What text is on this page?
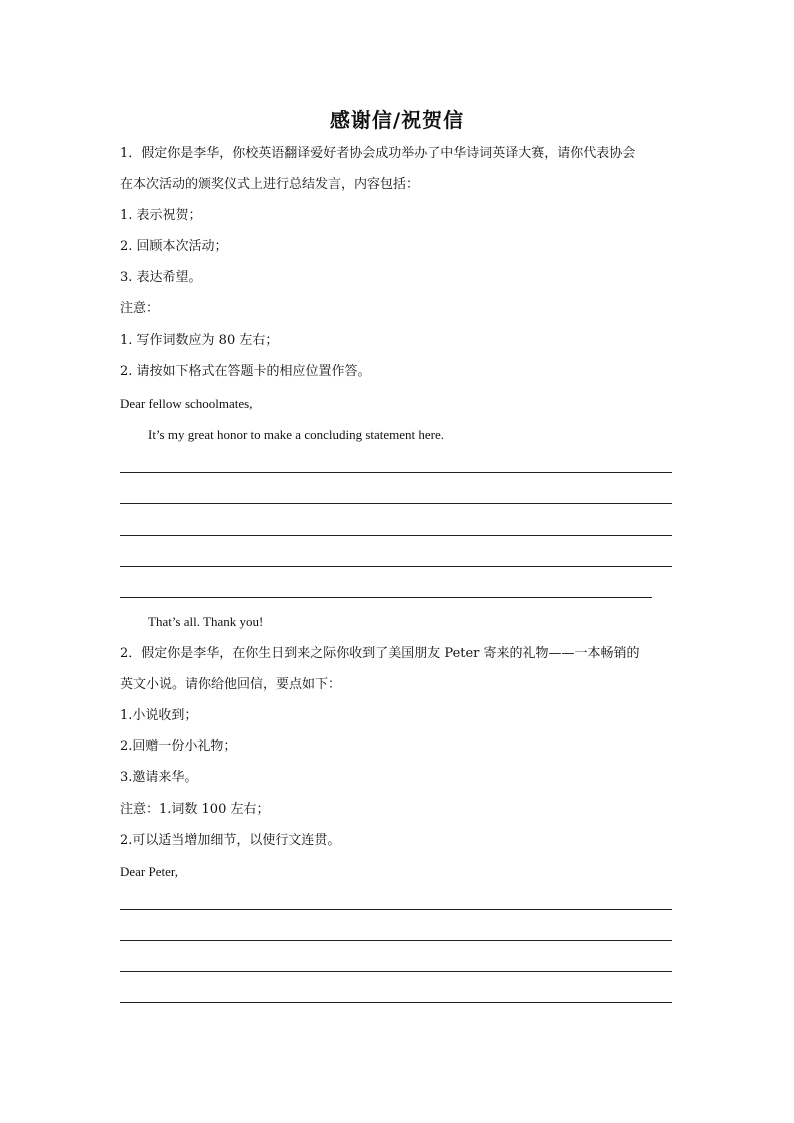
感谢信/祝贺信
1．假定你是李华，你校英语翻译爱好者协会成功举办了中华诗词英译大赛，请你代表协会
在本次活动的颁奖仪式上进行总结发言，内容包括：
1. 表示祝贺；
2. 回顾本次活动；
3. 表达希望。
注意：
1. 写作词数应为 80 左右；
2. 请按如下格式在答题卡的相应位置作答。
Dear fellow schoolmates,
It’s my great honor to make a concluding statement here.
That’s all. Thank you!
2．假定你是李华，在你生日到来之际你收到了美国朋友 Peter 寄来的礼物——一本畅销的
英文小说。请你给他回信，要点如下：
1.小说收到；
2.回赠一份小礼物；
3.邀请来华。
注意：1.词数 100 左右；
2.可以适当增加细节，以使行文连贯。
Dear Peter,
